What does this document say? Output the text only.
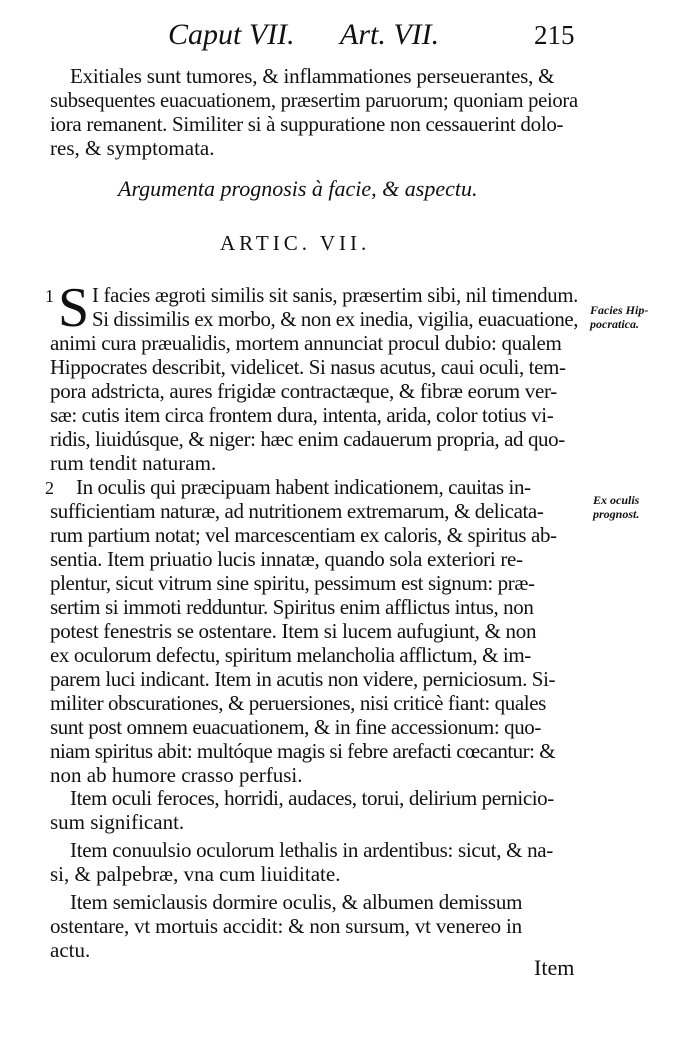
Caput VII. Art. VII.	215
Exitiales sunt tumores, & inflammationes perseuerantes, &
subsequentes euacuationem, præsertim paruorum; quoniam peiora
iora remanent. Similiter si à suppuratione non cessauerint dolo-
res, & symptomata.
Argumenta prognosis à facie, & aspectu.
ARTIC. VII.
1 S I facies ægroti similis sit sanis, præsertim sibi, nil timendum.
Si dissimilis ex morbo, & non ex inedia, vigilia, euacuatione,
animi cura præualidis, mortem annunciat procul dubio: qualem
Hippocrates describit, videlicet. Si nasus acutus, caui oculi, tem-
pora adstricta, aures frigidæ contractæque, & fibræ eorum ver-
sæ: cutis item circa frontem dura, intenta, arida, color totius vi-
ridis, liuidúsque, & niger: hæc enim cadauerum propria, ad quo-
rum tendit naturam.
Facies Hip-
pocratica.
2 In oculis qui præcipuam habent indicationem, cauitas in-
sufficientiam naturæ, ad nutritionem extremarum, & delicata-
rum partium notat; vel marcescentiam ex caloris, & spiritus ab-
sentia. Item priuatio lucis innatæ, quando sola exteriori re-
plentur, sicut vitrum sine spiritu, pessimum est signum: præ-
sertim si immoti redduntur. Spiritus enim afflictus intus, non
potest fenestris se ostentare. Item si lucem aufugiunt, & non
ex oculorum defectu, spiritum melancholia afflictum, & im-
parem luci indicant. Item in acutis non videre, perniciosum. Si-
militer obscurationes, & peruersiones, nisi criticè fiant: quales
sunt post omnem euacuationem, & in fine accessionum: quo-
niam spiritus abit: multóque magis si febre arefacti cœcantur: &
non ab humore crasso perfusi.
Ex oculis
prognost.
Item oculi feroces, horridi, audaces, torui, delirium pernicio-
sum significant.
Item conuulsio oculorum lethalis in ardentibus: sicut, & na-
si, & palpebræ, vna cum liuiditate.
Item semiclausis dormire oculis, & albumen demissum
ostentare, vt mortuis accidit: & non sursum, vt venereo in
actu.
Item
